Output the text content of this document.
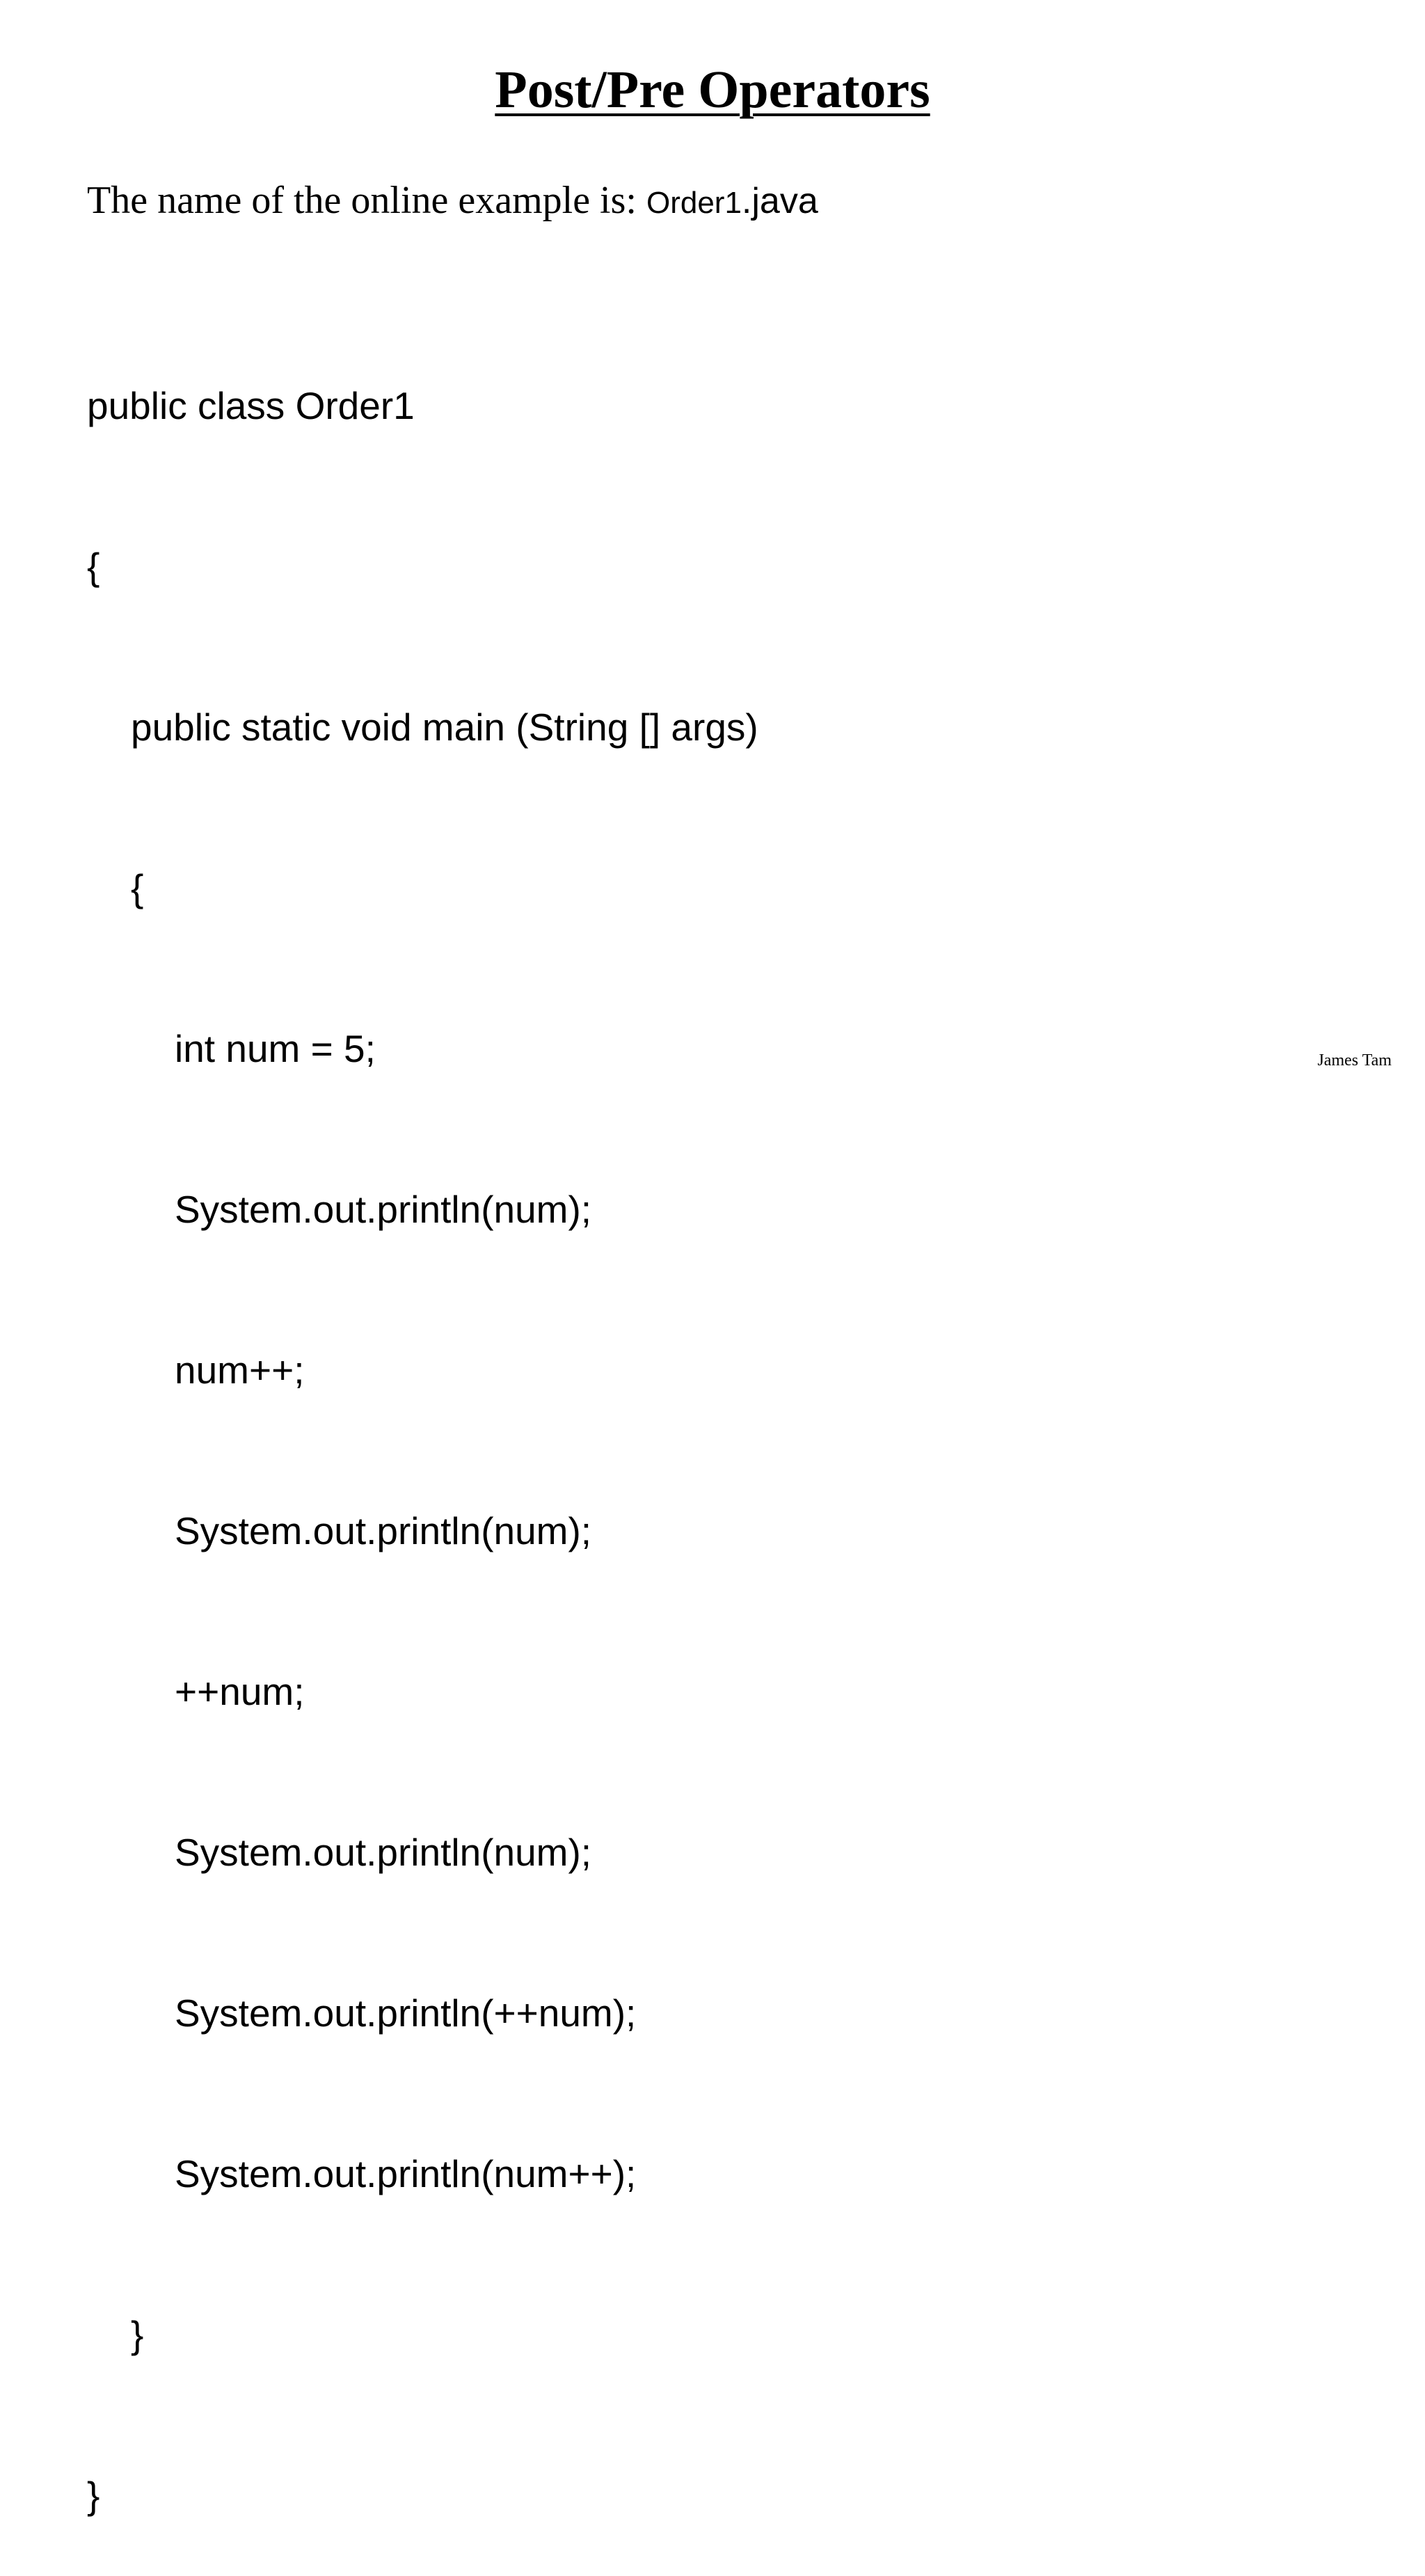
Post/Pre Operators
The name of the online example is: Order1.java

public class Order1

{

public static void main (String [] args)

{

int num = 5;

System.out.println(num);

num++;

System.out.println(num);

++num;

System.out.println(num);

System.out.println(++num);

System.out.println(num++);

}

}

James Tam
